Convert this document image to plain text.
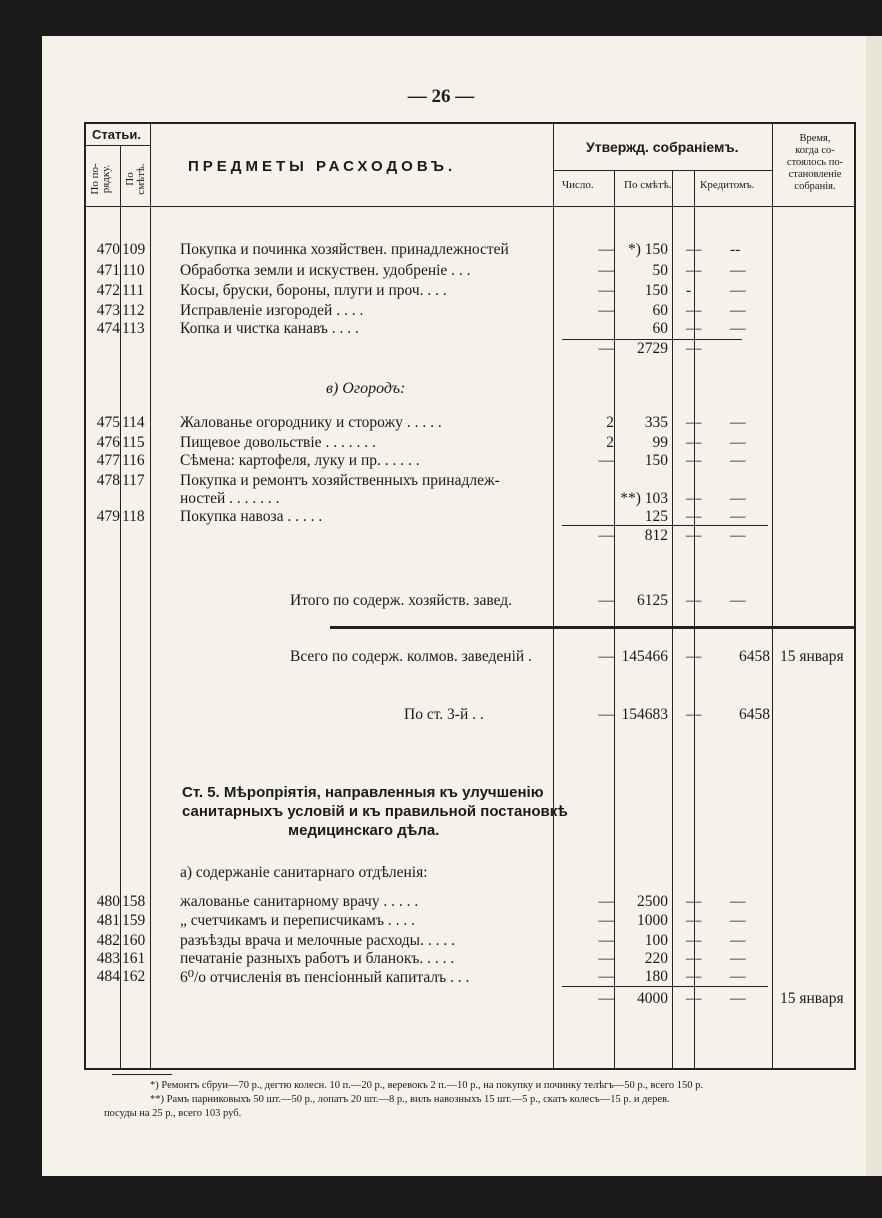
— 26 —
Статьи.
По по-
рядку. По
смѣтѣ.	ПРЕДМЕТЫ РАСХОДОВЪ.
Утвержд. собраніемъ.
Число.	По смѣтѣ.	Кредитомъ.
Время,
когда со-
стоялось по-
становленіе
собранія.
470 109	Покупка и починка хозяйствен. принадлежностей	— *) 150 — --
471 110	Обработка земли и искуствен. удобреніе . . .	—	50 — —
472 111	Косы, бруски, бороны, плуги и проч. . . .	—	150 -	—
473 112	Исправленіе изгородей . . . .	—	60 — —
474 113	Копка и чистка канавъ . . . .	60 — —
—	2729 —
в) Огородъ:
475 114	Жалованье огороднику и сторожу . . . . .	2	335 — —
476 115	Пищевое довольствіе . . . . . . .	2	99 — —
477 116	Сѣмена: картофеля, луку и пр. . . . . .	—	150 — —
478 117	Покупка и ремонтъ хозяйственныхъ принадлеж-
ностей . . . . . . .	**) 103 — —
479 118	Покупка навоза . . . . .	125 — —
—	812 — —
Итого по содерж. хозяйств. завед.	—	6125 — —
Всего по содерж. колмов. заведеній .	— 145466 —	6458 15 января
По ст. 3-й . .	— 154683 —	6458
Ст. 5. Мѣропріятія, направленныя къ улучшенію
санитарныхъ условій и къ правильной постановкѣ
медицинскаго дѣла.
а) содержаніе санитарнаго отдѣленія:
480 158	жалованье санитарному врачу . . . . .	—	2500 — —
481 159	„ счетчикамъ и переписчикамъ . . . .	—	1000 — —
482 160	разъѣзды врача и мелочные расходы. . . . .	—	100 — —
483 161	печатаніе разныхъ работъ и бланокъ. . . . .	—	220 — —
484 162	6⁰/о отчисленія въ пенсіонный капиталъ . . .	—	180 — —
—	4000 — — 15 января
*) Ремонтъ сбруи—70 р., дегтю колесн. 10 п.—20 р., веревокъ 2 п.—10 р., на покупку и починку телѣгъ—50 р., всего 150 р.
**) Рамъ парниковыхъ 50 шт.—50 р., лопатъ 20 шт.—8 р., вилъ навозныхъ 15 шт.—5 р., скатъ колесъ—15 р. и дерев.
посуды на 25 р., всего 103 руб.
